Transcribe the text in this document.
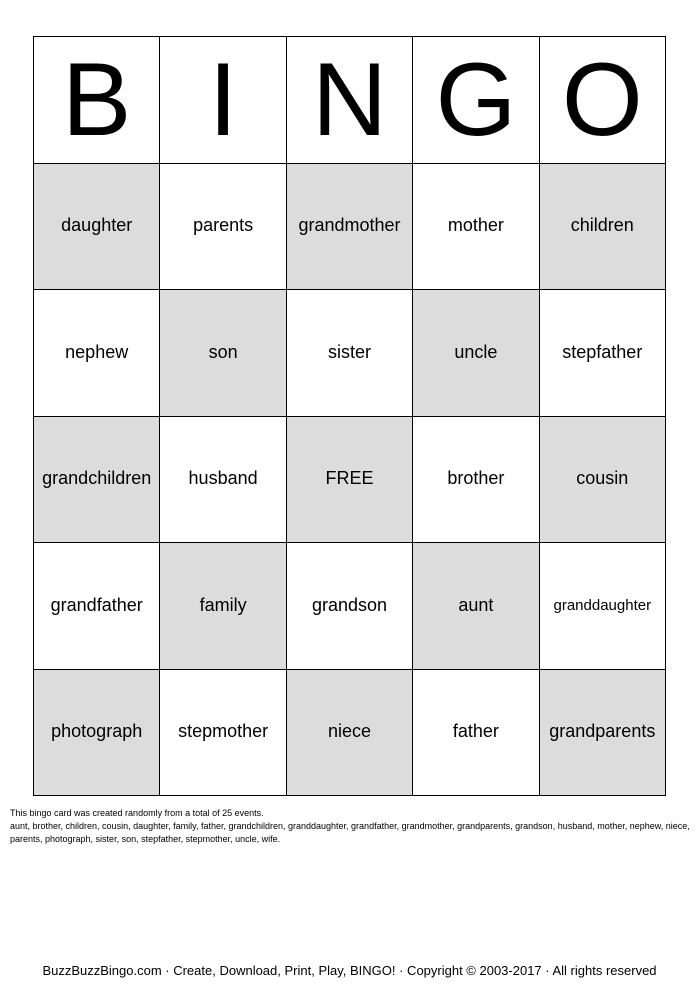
B I N G O
daughter	parents	grandmother	mother	children
nephew	son	sister	uncle	stepfather
grandchildren	husband	FREE	brother	cousin
grandfather	family	grandson	aunt	granddaughter
photograph	stepmother	niece	father	grandparents
This bingo card was created randomly from a total of 25 events.
aunt, brother, children, cousin, daughter, family, father, grandchildren, granddaughter, grandfather, grandmother, grandparents, grandson, husband, mother, nephew, niece, parents, photograph, sister, son, stepfather, stepmother, uncle, wife.
BuzzBuzzBingo.com · Create, Download, Print, Play, BINGO! · Copyright © 2003-2017 · All rights reserved
